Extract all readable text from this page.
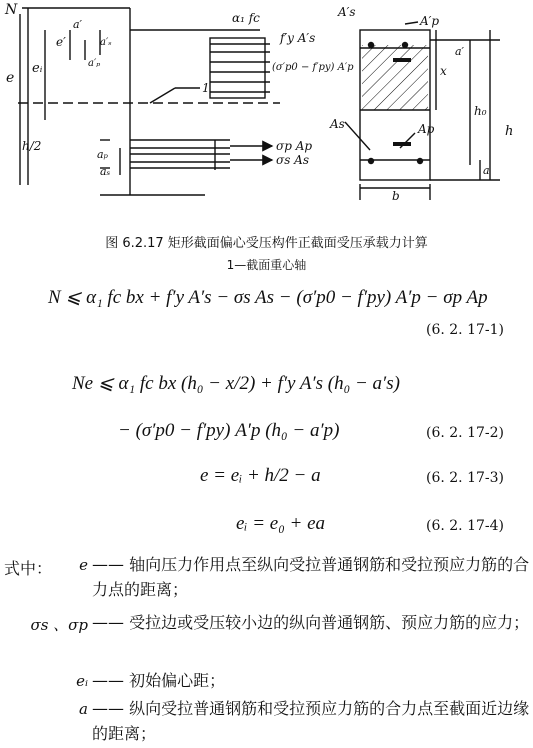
N
e
eᵢ
e′
a′
a′ₚ
a′ₛ
h/2
aₚ
aₛ
α₁ fc
f′y A′s
(σ′p0 − f′py) A′p
1
σp Ap
σs As
A′s
A′p
As	Ap
x
a′
h₀
h
a
b
图 6.2.17 矩形截面偏心受压构件正截面受压承载力计算
1—截面重心轴
N ⩽ α₁ fc bx + f′y A′s − σs As − (σ′p0 − f′py) A′p − σp Ap
(6. 2. 17-1)
Ne ⩽ α₁ fc bx (h₀ − x/2) + f′y A′s (h₀ − a′s)
− (σ′p0 − f′py) A′p (h₀ − a′p)	(6. 2. 17-2)
e = eᵢ + h/2 − a	(6. 2. 17-3)
eᵢ = e₀ + ea	(6. 2. 17-4)
式中：	e —— 轴向压力作用点至纵向受拉普通钢筋和受拉预应力筋的合力点的距离；
σs 、σp —— 受拉边或受压较小边的纵向普通钢筋、预应力筋的应力；
eᵢ —— 初始偏心距；
a —— 纵向受拉普通钢筋和受拉预应力筋的合力点至截面近边缘的距离；
